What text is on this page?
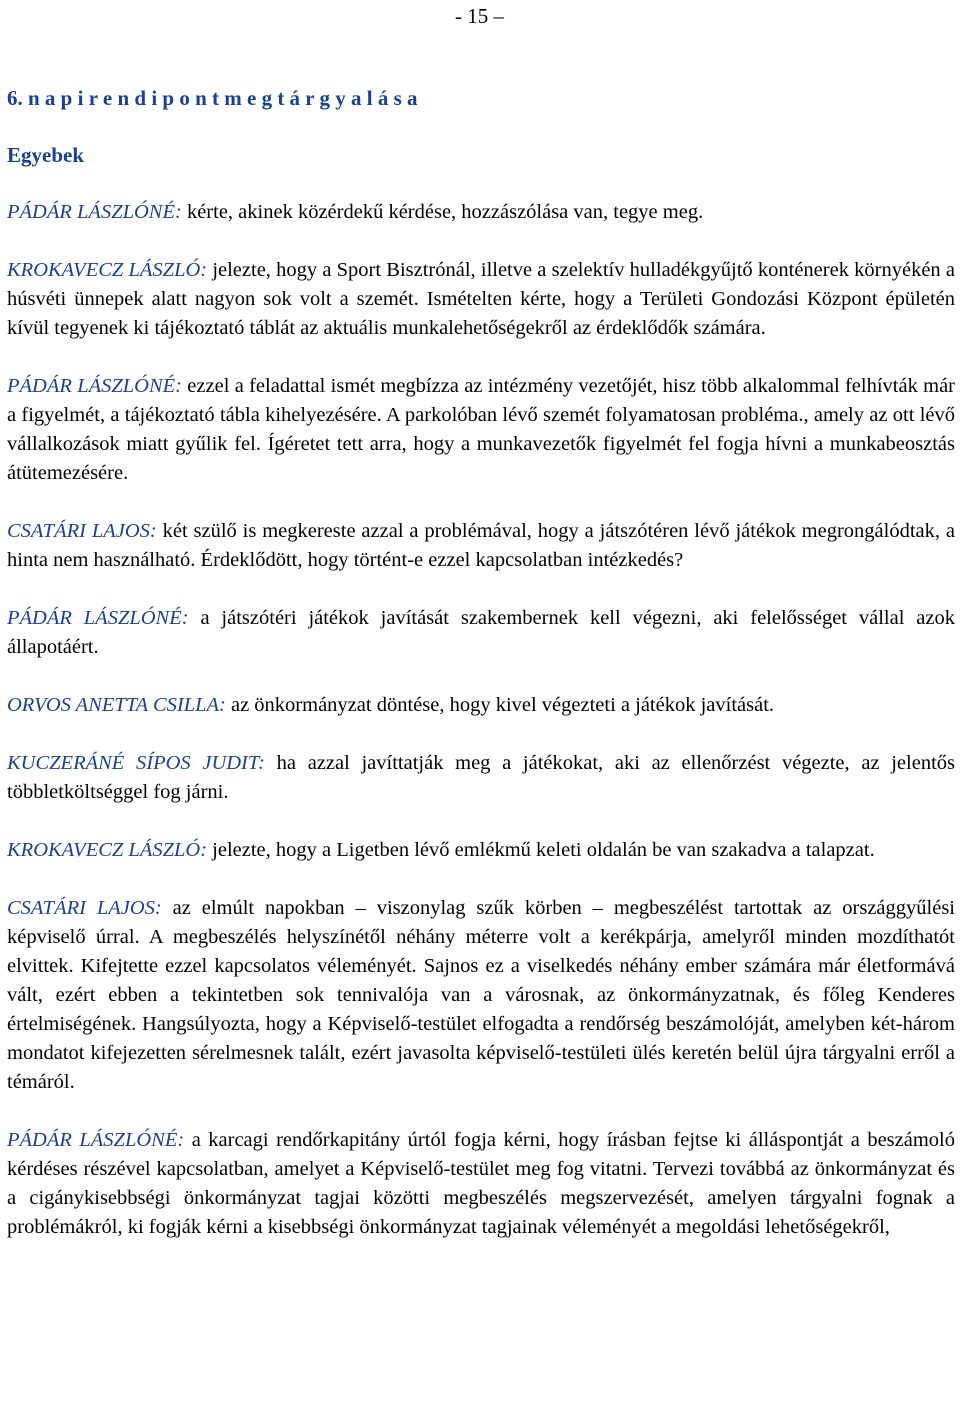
- 15 –
6. n a p i r e n d i p o n t m e g t á r g y a l á s a
Egyebek

PÁDÁR LÁSZLÓNÉ: kérte, akinek közérdekű kérdése, hozzászólása van, tegye meg.

KROKAVECZ LÁSZLÓ: jelezte, hogy a Sport Bisztrónál, illetve a szelektív hulladékgyűjtő konténerek környékén a húsvéti ünnepek alatt nagyon sok volt a szemét. Ismételten kérte, hogy a Területi Gondozási Központ épületén kívül tegyenek ki tájékoztató táblát az aktuális munkalehetőségekről az érdeklődők számára.

PÁDÁR LÁSZLÓNÉ: ezzel a feladattal ismét megbízza az intézmény vezetőjét, hisz több alkalommal felhívták már a figyelmét, a tájékoztató tábla kihelyezésére. A parkolóban lévő szemét folyamatosan probléma., amely az ott lévő vállalkozások miatt gyűlik fel. Ígéretet tett arra, hogy a munkavezetők figyelmét fel fogja hívni a munkabeosztás átütemezésére.

CSATÁRI LAJOS: két szülő is megkereste azzal a problémával, hogy a játszótéren lévő játékok megrongálódtak, a hinta nem használható. Érdeklődött, hogy történt-e ezzel kapcsolatban intézkedés?

PÁDÁR LÁSZLÓNÉ: a játszótéri játékok javítását szakembernek kell végezni, aki felelősséget vállal azok állapotáért.

ORVOS ANETTA CSILLA: az önkormányzat döntése, hogy kivel végezteti a játékok javítását.

KUCZERÁNÉ SÍPOS JUDIT: ha azzal javíttatják meg a játékokat, aki az ellenőrzést végezte, az jelentős többletköltséggel fog járni.

KROKAVECZ LÁSZLÓ: jelezte, hogy a Ligetben lévő emlékmű keleti oldalán be van szakadva a talapzat.

CSATÁRI LAJOS: az elmúlt napokban – viszonylag szűk körben – megbeszélést tartottak az országgyűlési képviselő úrral. A megbeszélés helyszínétől néhány méterre volt a kerékpárja, amelyről minden mozdíthatót elvittek. Kifejtette ezzel kapcsolatos véleményét. Sajnos ez a viselkedés néhány ember számára már életformává vált, ezért ebben a tekintetben sok tennivalója van a városnak, az önkormányzatnak, és főleg Kenderes értelmiségének. Hangsúlyozta, hogy a Képviselő-testület elfogadta a rendőrség beszámolóját, amelyben két-három mondatot kifejezetten sérelmesnek talált, ezért javasolta képviselő-testületi ülés keretén belül újra tárgyalni erről a témáról.

PÁDÁR LÁSZLÓNÉ: a karcagi rendőrkapitány úrtól fogja kérni, hogy írásban fejtse ki álláspontját a beszámoló kérdéses részével kapcsolatban, amelyet a Képviselő-testület meg fog vitatni. Tervezi továbbá az önkormányzat és a cigánykisebbségi önkormányzat tagjai közötti megbeszélés megszervezését, amelyen tárgyalni fognak a problémákról, ki fogják kérni a kisebbségi önkormányzat tagjainak véleményét a megoldási lehetőségekről,
